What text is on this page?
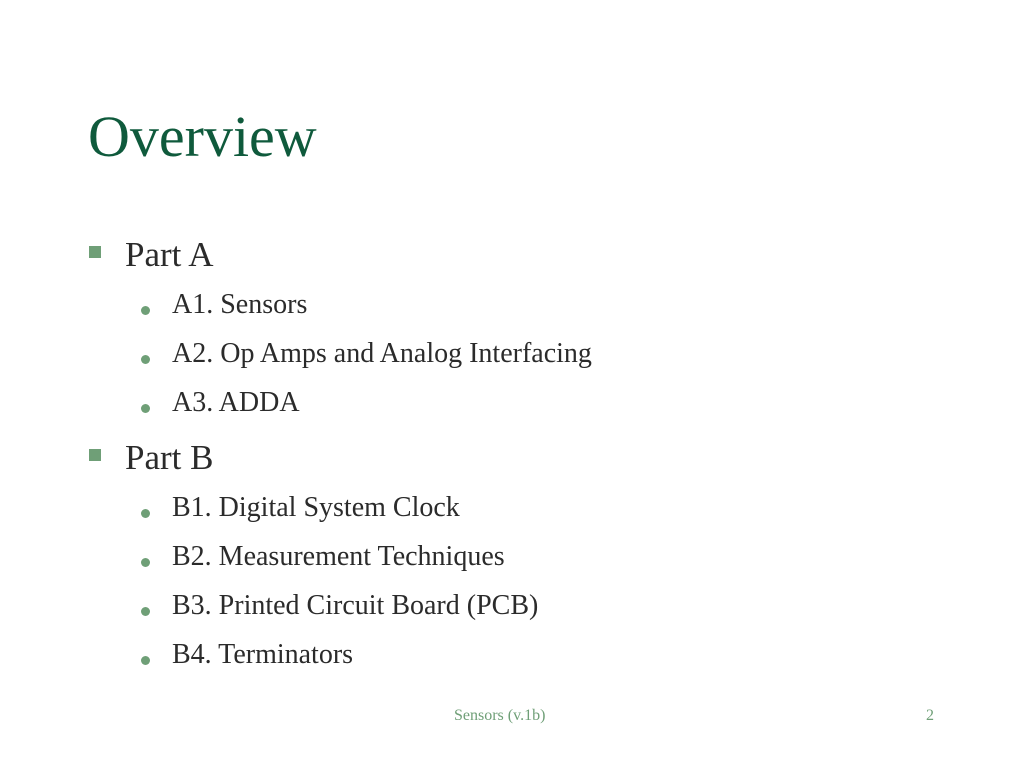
Overview
Part A
A1. Sensors
A2. Op Amps and Analog Interfacing
A3. ADDA
Part B
B1. Digital System Clock
B2. Measurement Techniques
B3. Printed Circuit Board (PCB)
B4. Terminators
Sensors (v.1b)	2
